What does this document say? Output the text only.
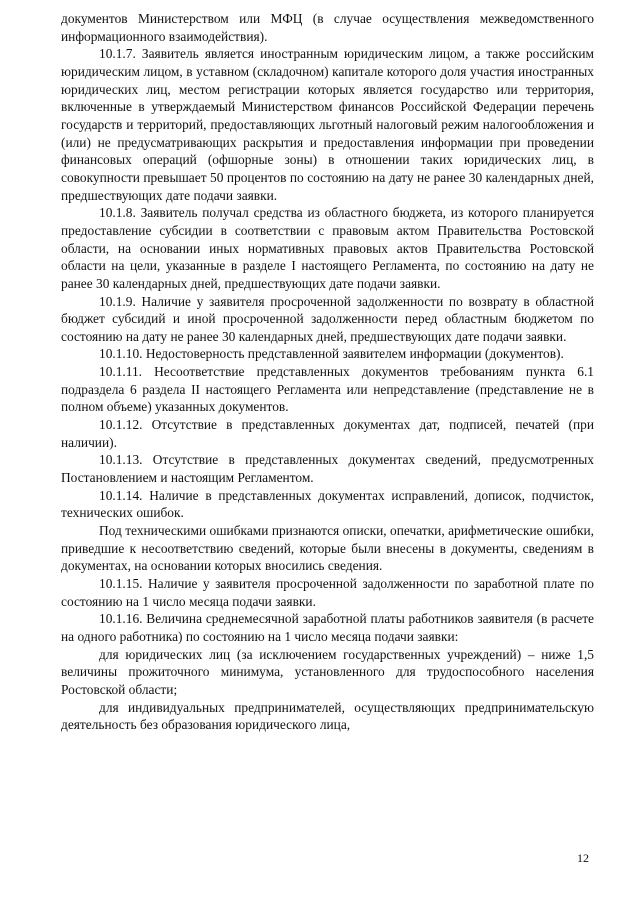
документов Министерством или МФЦ (в случае осуществления межведомственного информационного взаимодействия).

10.1.7. Заявитель является иностранным юридическим лицом, а также российским юридическим лицом, в уставном (складочном) капитале которого доля участия иностранных юридических лиц, местом регистрации которых является государство или территория, включенные в утверждаемый Министерством финансов Российской Федерации перечень государств и территорий, предоставляющих льготный налоговый режим налогообложения и (или) не предусматривающих раскрытия и предоставления информации при проведении финансовых операций (офшорные зоны) в отношении таких юридических лиц, в совокупности превышает 50 процентов по состоянию на дату не ранее 30 календарных дней, предшествующих дате подачи заявки.

10.1.8. Заявитель получал средства из областного бюджета, из которого планируется предоставление субсидии в соответствии с правовым актом Правительства Ростовской области, на основании иных нормативных правовых актов Правительства Ростовской области на цели, указанные в разделе I настоящего Регламента, по состоянию на дату не ранее 30 календарных дней, предшествующих дате подачи заявки.

10.1.9. Наличие у заявителя просроченной задолженности по возврату в областной бюджет субсидий и иной просроченной задолженности перед областным бюджетом по состоянию на дату не ранее 30 календарных дней, предшествующих дате подачи заявки.

10.1.10. Недостоверность представленной заявителем информации (документов).

10.1.11. Несоответствие представленных документов требованиям пункта 6.1 подраздела 6 раздела II настоящего Регламента или непредставление (представление не в полном объеме) указанных документов.

10.1.12. Отсутствие в представленных документах дат, подписей, печатей (при наличии).

10.1.13. Отсутствие в представленных документах сведений, предусмотренных Постановлением и настоящим Регламентом.

10.1.14. Наличие в представленных документах исправлений, дописок, подчисток, технических ошибок.

Под техническими ошибками признаются описки, опечатки, арифметические ошибки, приведшие к несоответствию сведений, которые были внесены в документы, сведениям в документах, на основании которых вносились сведения.

10.1.15. Наличие у заявителя просроченной задолженности по заработной плате по состоянию на 1 число месяца подачи заявки.

10.1.16. Величина среднемесячной заработной платы работников заявителя (в расчете на одного работника) по состоянию на 1 число месяца подачи заявки:

для юридических лиц (за исключением государственных учреждений) – ниже 1,5 величины прожиточного минимума, установленного для трудоспособного населения Ростовской области;

для индивидуальных предпринимателей, осуществляющих предпринимательскую деятельность без образования юридического лица,

12
